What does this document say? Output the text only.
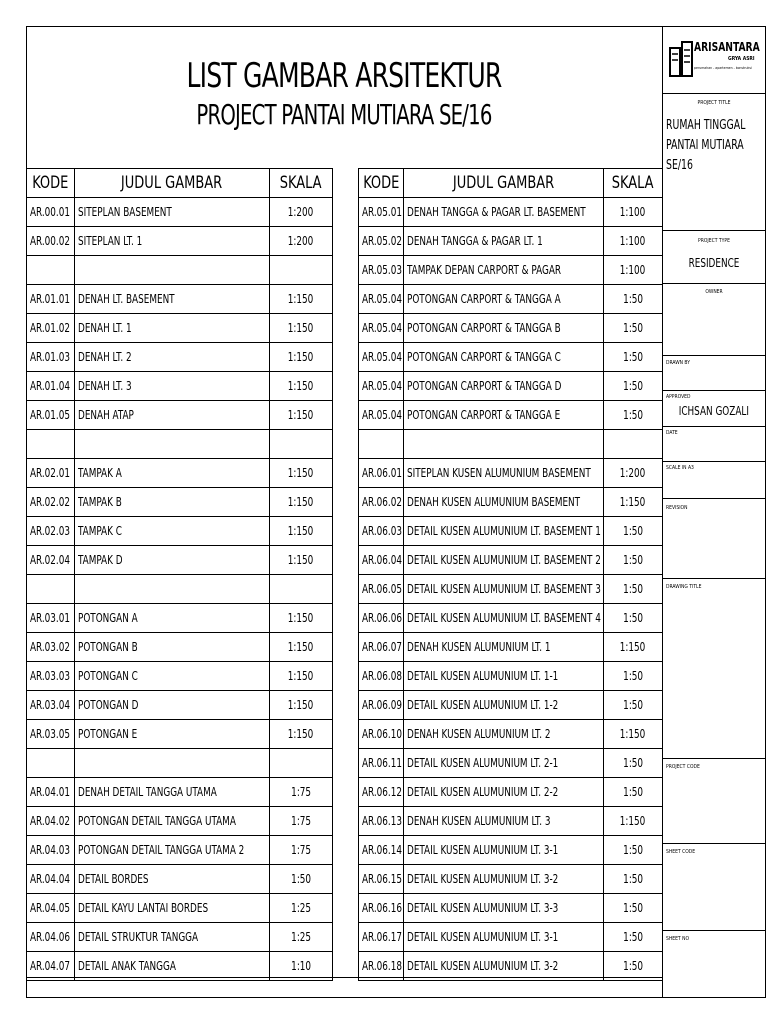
LIST GAMBAR ARSITEKTUR
PROJECT PANTAI MUTIARA SE/16
KODE	JUDUL GAMBAR	SKALA
AR.00.01	SITEPLAN BASEMENT	1:200
AR.00.02	SITEPLAN LT. 1	1:200

AR.01.01	DENAH LT. BASEMENT	1:150
AR.01.02	DENAH LT. 1	1:150
AR.01.03	DENAH LT. 2	1:150
AR.01.04	DENAH LT. 3	1:150
AR.01.05	DENAH ATAP	1:150

AR.02.01	TAMPAK A	1:150
AR.02.02	TAMPAK B	1:150
AR.02.03	TAMPAK C	1:150
AR.02.04	TAMPAK D	1:150

AR.03.01	POTONGAN A	1:150
AR.03.02	POTONGAN B	1:150
AR.03.03	POTONGAN C	1:150
AR.03.04	POTONGAN D	1:150
AR.03.05	POTONGAN E	1:150

AR.04.01	DENAH DETAIL TANGGA UTAMA	1:75
AR.04.02	POTONGAN DETAIL TANGGA UTAMA	1:75
AR.04.03	POTONGAN DETAIL TANGGA UTAMA 2	1:75
AR.04.04	DETAIL BORDES	1:50
AR.04.05	DETAIL KAYU LANTAI BORDES	1:25
AR.04.06	DETAIL STRUKTUR TANGGA	1:25
AR.04.07	DETAIL ANAK TANGGA	1:10
KODE	JUDUL GAMBAR	SKALA
AR.05.01	DENAH TANGGA & PAGAR LT. BASEMENT	1:100
AR.05.02	DENAH TANGGA & PAGAR LT. 1	1:100
AR.05.03	TAMPAK DEPAN CARPORT & PAGAR	1:100
AR.05.04	POTONGAN CARPORT & TANGGA A	1:50
AR.05.04	POTONGAN CARPORT & TANGGA B	1:50
AR.05.04	POTONGAN CARPORT & TANGGA C	1:50
AR.05.04	POTONGAN CARPORT & TANGGA D	1:50
AR.05.04	POTONGAN CARPORT & TANGGA E	1:50

AR.06.01	SITEPLAN KUSEN ALUMUNIUM BASEMENT	1:200
AR.06.02	DENAH KUSEN ALUMUNIUM BASEMENT	1:150
AR.06.03	DETAIL KUSEN ALUMUNIUM LT. BASEMENT 1	1:50
AR.06.04	DETAIL KUSEN ALUMUNIUM LT. BASEMENT 2	1:50
AR.06.05	DETAIL KUSEN ALUMUNIUM LT. BASEMENT 3	1:50
AR.06.06	DETAIL KUSEN ALUMUNIUM LT. BASEMENT 4	1:50
AR.06.07	DENAH KUSEN ALUMUNIUM LT. 1	1:150
AR.06.08	DETAIL KUSEN ALUMUNIUM LT. 1-1	1:50
AR.06.09	DETAIL KUSEN ALUMUNIUM LT. 1-2	1:50
AR.06.10	DENAH KUSEN ALUMUNIUM LT. 2	1:150
AR.06.11	DETAIL KUSEN ALUMUNIUM LT. 2-1	1:50
AR.06.12	DETAIL KUSEN ALUMUNIUM LT. 2-2	1:50
AR.06.13	DENAH KUSEN ALUMUNIUM LT. 3	1:150
AR.06.14	DETAIL KUSEN ALUMUNIUM LT. 3-1	1:50
AR.06.15	DETAIL KUSEN ALUMUNIUM LT. 3-2	1:50
AR.06.16	DETAIL KUSEN ALUMUNIUM LT. 3-3	1:50
AR.06.17	DETAIL KUSEN ALUMUNIUM LT. 3-1	1:50
AR.06.18	DETAIL KUSEN ALUMUNIUM LT. 3-2	1:50
ARISANTARA
GRYA ASRI
perumahan - apartemen - konstruksi
PROJECT TITLE
RUMAH TINGGAL
PANTAI MUTIARA
SE/16
PROJECT TYPE
RESIDENCE
OWNER
DRAWN BY
APPROVED
ICHSAN GOZALI
DATE
SCALE IN A3
REVISION
DRAWING TITLE
PROJECT CODE
SHEET CODE
SHEET NO
